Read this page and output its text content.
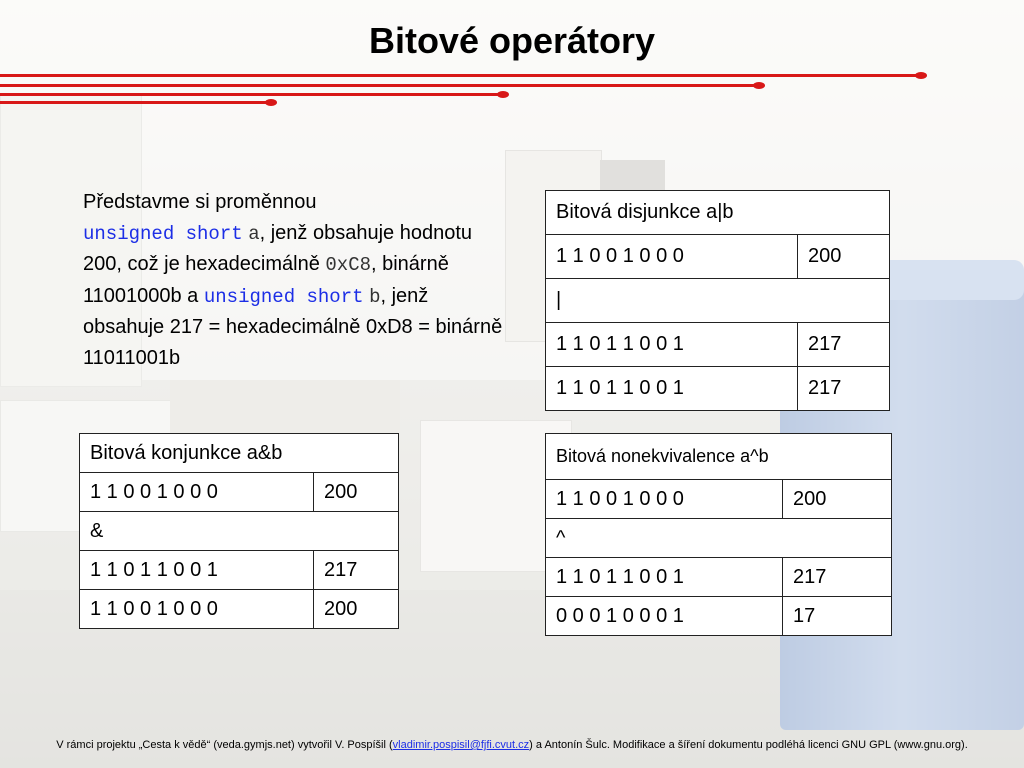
Bitové operátory
Představme si proměnnou
unsigned short a, jenž obsahuje hodnotu 200, což je hexadecimálně 0xC8, binárně 11001000b a unsigned short b, jenž obsahuje 217 = hexadecimálně 0xD8 = binárně 11011001b
Bitová disjunkce a|b	
1 1 0 0 1 0 0 0	200
|	
1 1 0 1 1 0 0 1	217
1 1 0 1 1 0 0 1	217
Bitová konjunkce a&b	
1 1 0 0 1 0 0 0	200
&	
1 1 0 1 1 0 0 1	217
1 1 0 0 1 0 0 0	200
Bitová nonekvivalence a^b	
1 1 0 0 1 0 0 0	200
^	
1 1 0 1 1 0 0 1	217
0 0 0 1 0 0 0 1	17
V rámci projektu „Cesta k vědě“ (veda.gymjs.net) vytvořil V. Pospíšil (vladimir.pospisil@fjfi.cvut.cz) a Antonín Šulc. Modifikace a šíření dokumentu podléhá licenci GNU GPL (www.gnu.org).
